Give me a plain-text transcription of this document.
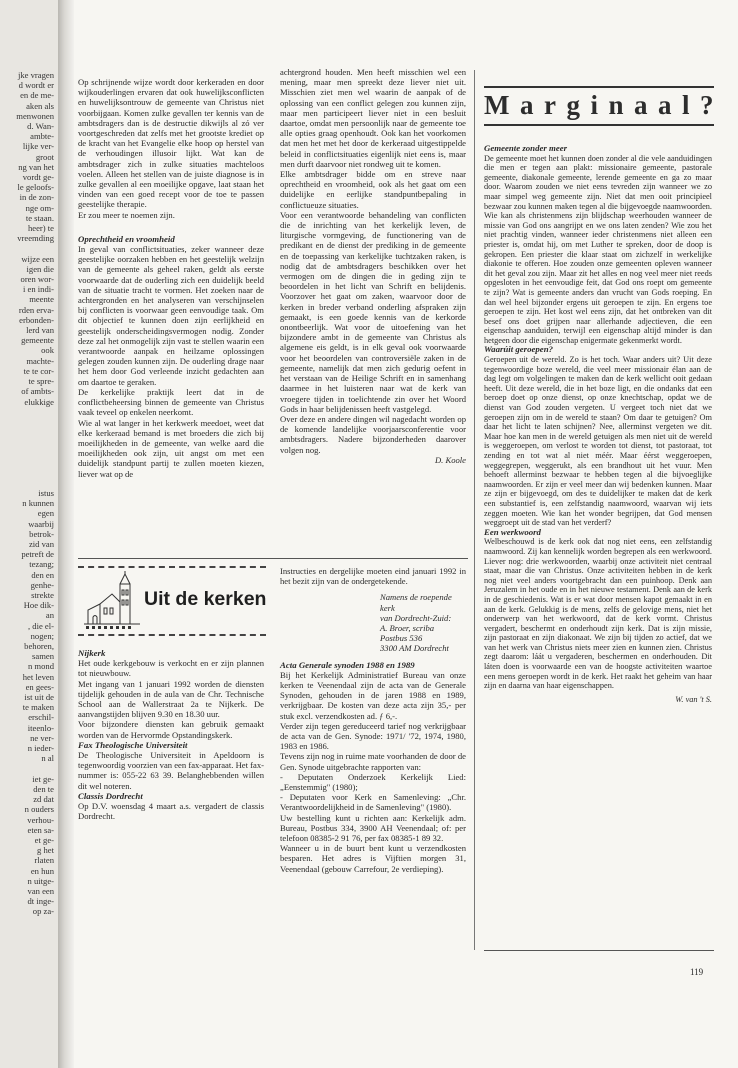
jke vragen
d wordt er
en de me-
aken als
menwonen
d. Wan-
ambte-
lijke ver-
groot
ng van het
vordt ge-
le geloofs-
in de zon-
nge om-
te staan.
heer) te
vreemding

wijze een
igen die
oren wor-
i en indi-
meente
rden erva-
erbonden-
lerd van
gemeente
ook
machte-
te te cor-
te spre-
of ambts-
elukkige
istus
n kunnen
egen
waarbij
betrok-
zid van
petreft de
tezang;
den en
genhe-
strekte
Hoe dik-
an
, die el-
nogen;
behoren,
samen
n mond
het leven
en gees-
ist uit de
te maken
erschil-
iteenlo-
ne ver-
n ieder-
n al

iet ge-
den te
zd dat
n ouders
verhou-
eten sa-
et ge-
g het
rlaten
en hun
n uitge-
van een
dt inge-
op za-

Op schrijnende wijze wordt door kerkeraden en door wijkouderlingen ervaren dat ook huwelijksconflicten en huwelijksontrouw de gemeente van Christus niet voorbijgaan. Komen zulke gevallen ter kennis van de ambtsdragers dan is de destructie dikwijls al zó ver voortgeschreden dat zelfs met het grootste krediet op de kracht van het Evangelie elke hoop op herstel van de verhoudingen illusoir lijkt. Wat kan de ambtsdrager zich in zulke situaties machteloos voelen. Alleen het stellen van de juiste diagnose is in zulke gevallen al een moeilijke opgave, laat staan het vinden van een goed recept voor de toe te passen geestelijke therapie.

Er zou meer te noemen zijn.

Oprechtheid en vroomheid

In geval van conflictsituaties, zeker wanneer deze geestelijke oorzaken hebben en het geestelijk welzijn van de gemeente als geheel raken, geldt als eerste voorwaarde dat de ouderling zich een duidelijk beeld van de situatie tracht te vormen. Het zoeken naar de achtergronden en het analyseren van verschijnselen bij conflicten is voorwaar geen eenvoudige taak. Om dit objectief te kunnen doen zijn eerlijkheid en geestelijk onderscheidingsvermogen nodig. Zonder deze zal het onmogelijk zijn vast te stellen waarin een verantwoorde aanpak en heilzame oplossingen gelegen zouden kunnen zijn. De ouderling drage naar het hem door God verleende inzicht gedachten aan om daartoe te geraken.

De kerkelijke praktijk leert dat in de conflictbeheersing binnen de gemeente van Christus vaak teveel op enkelen neerkomt.

Wie al wat langer in het kerkwerk meedoet, weet dat elke kerkeraad bemand is met broeders die zich bij moeilijkheden in de gemeente, van welke aard die moeilijkheden ook zijn, uit angst om met een duidelijk standpunt partij te zullen moeten kiezen, liever wat op de

achtergrond houden. Men heeft misschien wel een mening, maar men spreekt deze liever niet uit. Misschien ziet men wel waarin de aanpak of de oplossing van een conflict gelegen zou kunnen zijn, maar men participeert liever niet in een besluit daartoe, omdat men persoonlijk naar de gemeente toe alle opties graag openhoudt. Ook kan het voorkomen dat men het met het door de kerkeraad uitgestippelde beleid in conflictsituaties eigenlijk niet eens is, maar men durft daarvoor niet rondweg uit te komen.

Elke ambtsdrager bidde om en streve naar oprechtheid en vroomheid, ook als het gaat om een duidelijke en eerlijke standpuntbepaling in conflictueuze situaties.

Voor een verantwoorde behandeling van conflicten die de inrichting van het kerkelijk leven, de liturgische vormgeving, de functionering van de predikant en de dienst der prediking in de gemeente en de toepassing van kerkelijke tuchtzaken raken, is nodig dat de ambtsdragers beschikken over het vermogen om de dingen die in geding zijn te beoordelen in het licht van Schrift en belijdenis. Voorzover het gaat om zaken, waarvoor door de kerken in breder verband onderling afspraken zijn gemaakt, is een goede kennis van de kerkorde onontbeerlijk. Wat voor de uitoefening van het bijzondere ambt in de gemeente van Christus als algemene eis geldt, is in elk geval ook voorwaarde voor het beoordelen van controversiële zaken in de gemeente, namelijk dat men zich gedurig oefent in het verstaan van de Heilige Schrift en in samenhang daarmee in het luisteren naar wat de kerk van vroegere tijden in toelichtende zin over het Woord Gods in haar belijdenissen heeft vastgelegd.

Over deze en andere dingen wil nagedacht worden op de komende landelijke voorjaarsconferentie voor ambtsdragers. Nadere bijzonderheden daarover volgen nog.

D. Koole

Uit de kerken

Nijkerk

Het oude kerkgebouw is verkocht en er zijn plannen tot nieuwbouw.

Met ingang van 1 januari 1992 worden de diensten tijdelijk gehouden in de aula van de Chr. Technische School aan de Wallerstraat 2a te Nijkerk. De aanvangstijden blijven 9.30 en 18.30 uur.

Voor bijzondere diensten kan gebruik gemaakt worden van de Hervormde Opstandingskerk.

Fax Theologische Universiteit

De Theologische Universiteit in Apeldoorn is tegenwoordig voorzien van een fax-apparaat. Het fax-nummer is: 055-22 63 39. Belanghebbenden willen dit wel noteren.

Classis Dordrecht

Op D.V. woensdag 4 maart a.s. vergadert de classis Dordrecht.

Instructies en dergelijke moeten eind januari 1992 in het bezit zijn van de ondergetekende.

Namens de roepende kerk
van Dordrecht-Zuid:
A. Broer, scriba
Postbus 536
3300 AM Dordrecht

Acta Generale synoden 1988 en 1989

Bij het Kerkelijk Administratief Bureau van onze kerken te Veenendaal zijn de acta van de Generale Synoden, gehouden in de jaren 1988 en 1989, verkrijgbaar. De kosten van deze acta zijn 35,- per stuk excl. verzendkosten ad. ƒ 6,-.

Verder zijn tegen gereduceerd tarief nog verkrijgbaar de acta van de Gen. Synode: 1971/ '72, 1974, 1980, 1983 en 1986.

Tevens zijn nog in ruime mate voorhanden de door de Gen. Synode uitgebrachte rapporten van:

- Deputaten Onderzoek Kerkelijk Lied: „Eenstemmig" (1980);

- Deputaten voor Kerk en Samenleving: „Chr. Verantwoordelijkheid in de Samenleving" (1980).

Uw bestelling kunt u richten aan: Kerkelijk adm. Bureau, Postbus 334, 3900 AH Veenendaal; of: per telefoon 08385-2 91 76, per fax 08385-1 89 32.

Wanneer u in de buurt bent kunt u verzendkosten besparen. Het adres is Vijftien morgen 31, Veenendaal (gebouw Carrefour, 2e verdieping).

Marginaal?

Gemeente zonder meer

De gemeente moet het kunnen doen zonder al die vele aanduidingen die men er tegen aan plakt: missionaire gemeente, pastorale gemeente, diakonale gemeente, lerende gemeente en ga zo maar door. Waarom zouden we niet eens tevreden zijn wanneer we zo maar simpel weg gemeente zijn. Niet dat men ooit principieel bezwaar zou kunnen maken tegen al die bijgevoegde naamwoorden. Wie kan als christenmens zijn blijdschap weerhouden wanneer de missie van God ons aangrijpt en we ons laten zenden? Wie zou het niet prachtig vinden, wanneer ieder christenmens niet alleen een priester is, omdat hij, om met Luther te spreken, door de doop is gekropen. Een priester die klaar staat om zichzelf in werkelijke diakonie te offeren. Hoe zouden onze gemeenten opleven wanneer dit het geval zou zijn. Maar zit het alles en nog veel meer niet reeds opgesloten in het eenvoudige feit, dat God ons roept om gemeente te zijn? Wat is gemeente anders dan vrucht van Gods roeping. En dan wel heel bijzonder ergens uit geroepen te zijn. En ergens toe geroepen te zijn. Het kost wel eens zijn, dat het ontbreken van dit besef ons doet grijpen naar allerhande adjectieven, die een eigenschap aanduiden, terwijl een eigenschap altijd minder is dan hetgeen door die eigenschap enigermate gekenmerkt wordt.

Waarúit geroepen?

Geroepen uit de wereld. Zo is het toch. Waar anders uit? Uit deze tegenwoordige boze wereld, die veel meer missionair élan aan de dag legt om volgelingen te maken dan de kerk wellicht ooit gedaan heeft. Uit deze wereld, die in het boze ligt, en die ondanks dat een beroep doet op onze dienst, op onze knechtschap, opdat we de dienst van God zouden vergeten. U vergeet toch niet dat we geroepen zijn om in de wereld te staan? Om daar te getuigen? Om daar het licht te laten schijnen? Nee, allerminst vergeten we dit. Maar hoe kan men in de wereld getuigen als men niet uit de wereld is weggeroepen, om verlost te worden tot dienst, tot pastoraat, tot zending en tot wat al niet méér. Maar éérst weggeroepen, weggegrepen, weggerukt, als een brandhout uit het vuur. Men behoeft allerminst bezwaar te hebben tegen al die bijvoeglijke naamwoorden. Er zijn er veel meer dan wij bedenken kunnen. Maar ze zijn er bijgevoegd, om des te duidelijker te maken dat de kerk een substantief is, een zelfstandig naamwoord, waarvan wij iets zeggen moeten. Wie kan het wonder begrijpen, dat God mensen weggroept uit de stad van het verderf?

Een werkwoord

Welbeschouwd is de kerk ook dat nog niet eens, een zelfstandig naamwoord. Zij kan kennelijk worden begrepen als een werkwoord. Liever nog: drie werkwoorden, waarbij onze activiteit niet centraal staat, maar die van Christus. Onze activiteiten hebben in de kerk nog niet veel anders voortgebracht dan een puinhoop. Denk aan Jeruzalem in het oude en in het nieuwe testament. Denk aan de kerk in de geschiedenis. Wat is er wat door mensen kapot gemaakt in en aan de kerk. Gelukkig is de mens, zelfs de gelovige mens, niet het onderwerp van het werkwoord, dat de kerk vormt. Christus vergadert, beschermt en onderhoudt zijn kerk. Dat is zijn missie, zijn pastoraat en zijn diakonaat. We zijn bij tijden zo actief, dat we van het werk van Christus niets meer zien en kunnen zien. Christus zegt daarom: láát u vergaderen, beschermen en onderhouden. Dit láten doen is voorwaarde een van de hoogste activiteiten waartoe een mens geroepen wordt in de kerk. Het raakt het geheim van haar zijn en daarna van haar eigenschappen.

W. van 't S.

119
